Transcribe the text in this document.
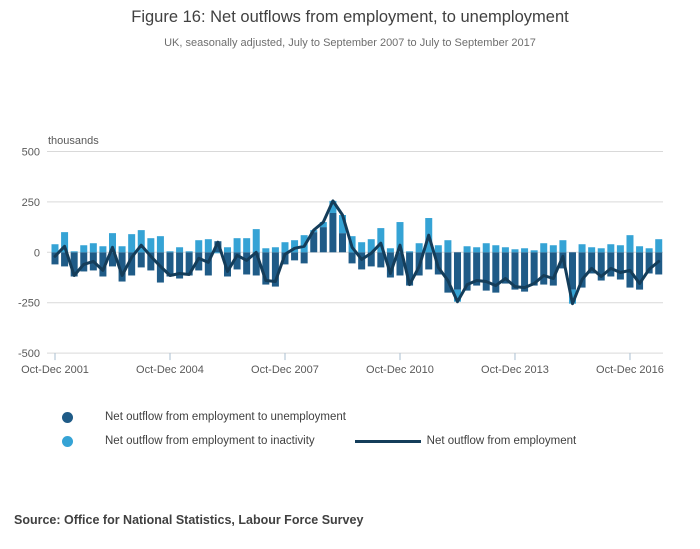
Figure 16: Net outflows from employment, to unemployment
UK, seasonally adjusted, July to September 2007 to July to September 2017
thousands
500
250
0
-250
-500
Oct-Dec 2001	Oct-Dec 2004	Oct-Dec 2007	Oct-Dec 2010	Oct-Dec 2013	Oct-Dec 2016
Net outflow from employment to unemployment
Net outflow from employment to inactivity	Net outflow from employment
Source: Office for National Statistics, Labour Force Survey
